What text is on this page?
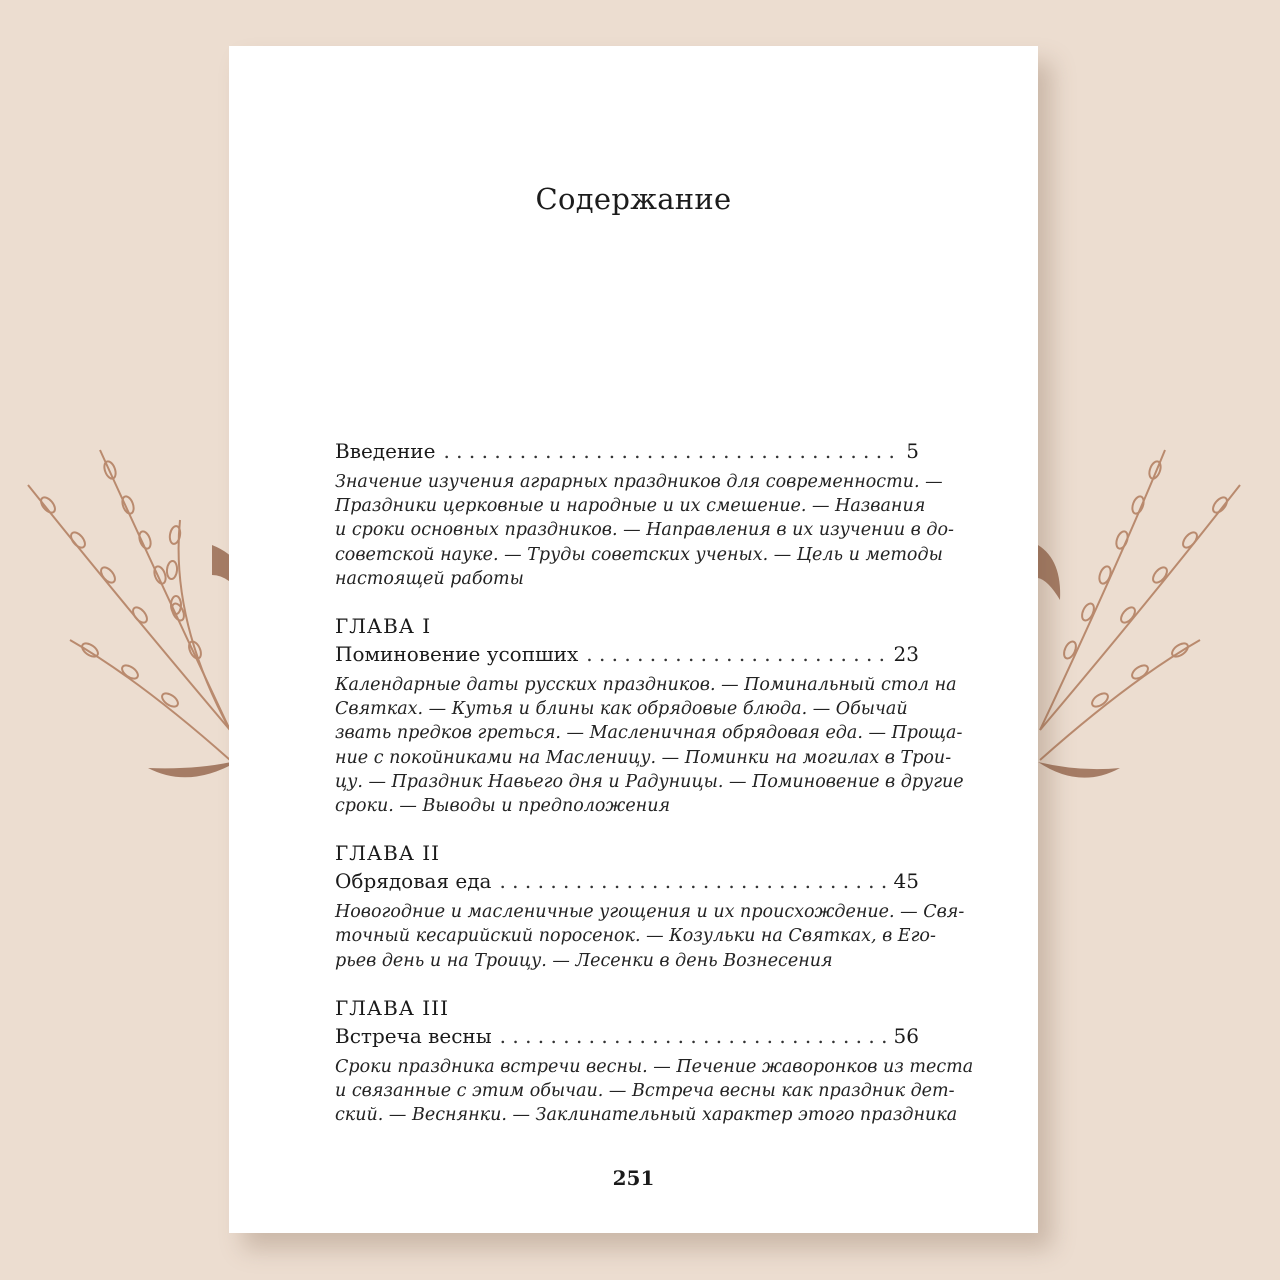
Содержание
Введение . . .	5
Значение изучения аграрных праздников для современности. —
Праздники церковные и народные и их смешение. — Названия
и сроки основных праздников. — Направления в их изучении в до-
советской науке. — Труды советских ученых. — Цель и методы
настоящей работы
ГЛАВА I
Поминовение усопших . . .	23
Календарные даты русских праздников. — Поминальный стол на
Святках. — Кутья и блины как обрядовые блюда. — Обычай
звать предков греться. — Масленичная обрядовая еда. — Проща-
ние с покойниками на Масленицу. — Поминки на могилах в Трои-
цу. — Праздник Навьего дня и Радуницы. — Поминовение в другие
сроки. — Выводы и предположения
ГЛАВА II
Обрядовая еда . . .	45
Новогодние и масленичные угощения и их происхождение. — Свя-
точный кесарийский поросенок. — Козульки на Святках, в Его-
рьев день и на Троицу. — Лесенки в день Вознесения
ГЛАВА III
Встреча весны . . .	56
Сроки праздника встречи весны. — Печение жаворонков из теста
и связанные с этим обычаи. — Встреча весны как праздник дет-
ский. — Веснянки. — Заклинательный характер этого праздника
251
